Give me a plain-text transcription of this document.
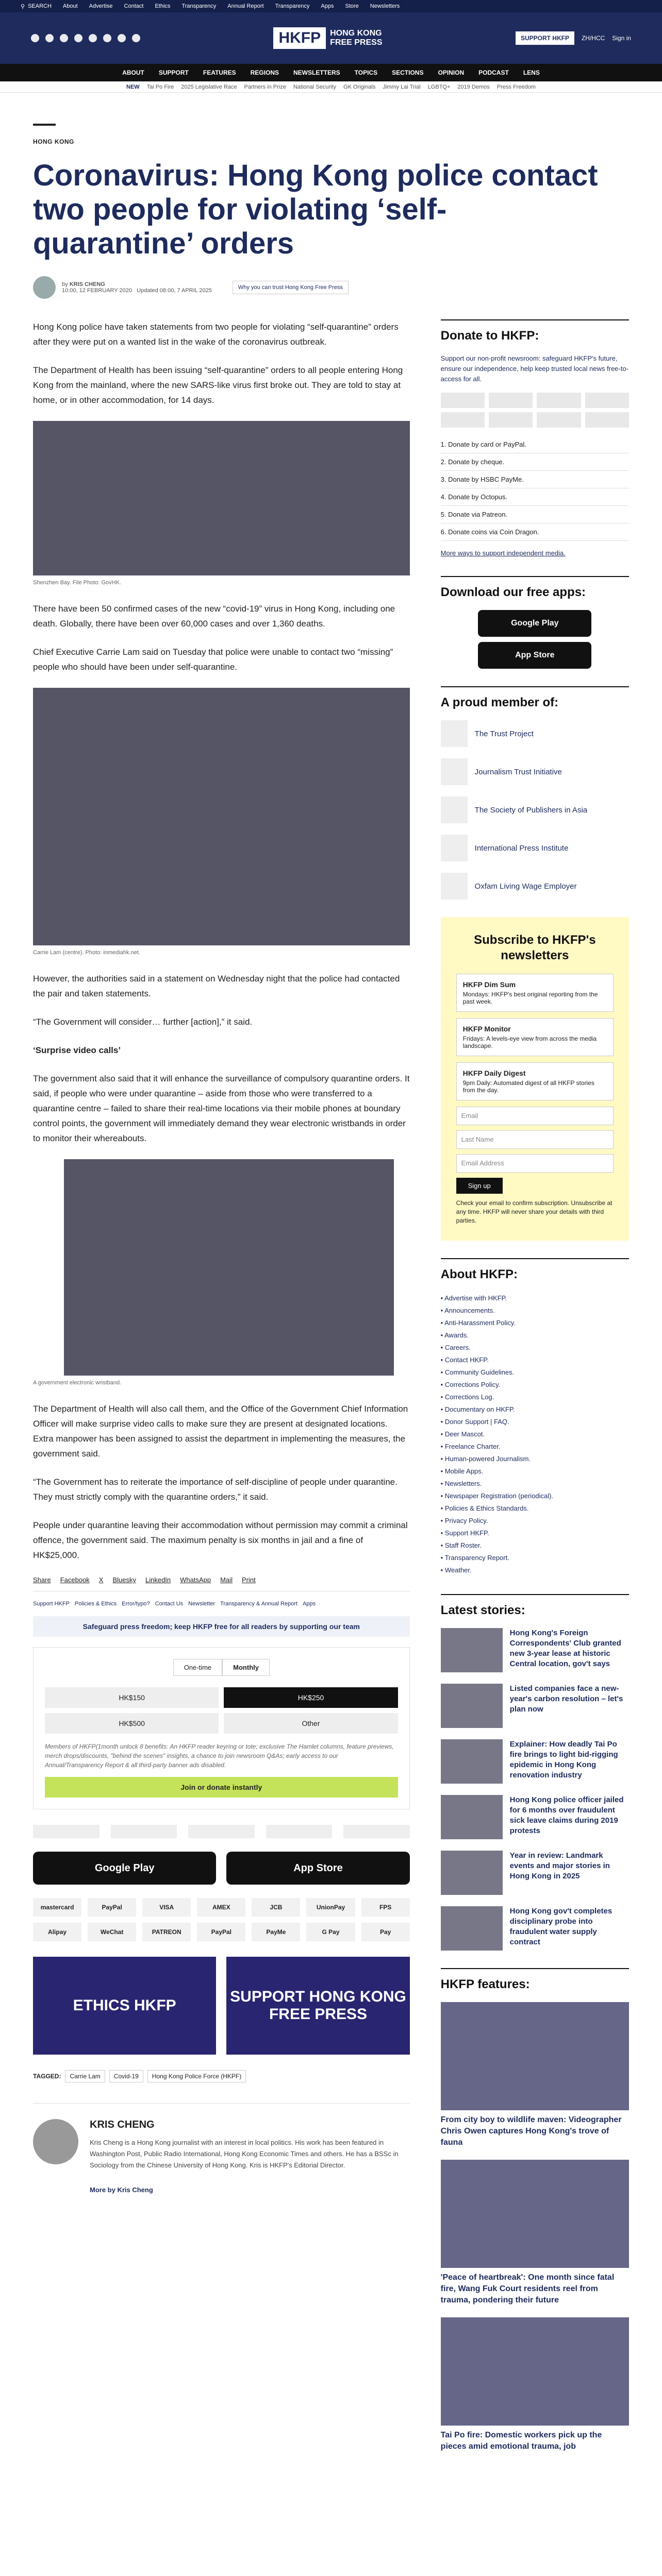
⚲ SEARCH About Advertise Contact Ethics Transparency Annual Report Transparency Apps Store Newsletters
HKFP	HONG KONG
FREE PRESS	SUPPORT HKFP	ZH/HCC Sign in
ABOUT SUPPORT FEATURES REGIONS NEWSLETTERS TOPICS SECTIONS OPINION PODCAST LENS
NEW Tai Po Fire 2025 Legislative Race Partners in Prize National Security GK Originals Jimmy Lai Trial LGBTQ+ 2019 Demos Press Freedom
HONG KONG
Coronavirus: Hong Kong police contact two people for violating ‘self-quarantine’ orders
by KRIS CHENG
10:00, 12 FEBRUARY 2020 Updated 08:00, 7 APRIL 2025	Why you can trust Hong Kong Free Press

Hong Kong police have taken statements from two people for violating “self-quarantine” orders after they were put on a wanted list in the wake of the coronavirus outbreak.

The Department of Health has been issuing “self-quarantine” orders to all people entering Hong Kong from the mainland, where the new SARS-like virus first broke out. They are told to stay at home, or in other accommodation, for 14 days.

Shenzhen Bay. File Photo: GovHK.

There have been 50 confirmed cases of the new “covid-19” virus in Hong Kong, including one death. Globally, there have been over 60,000 cases and over 1,360 deaths.

Chief Executive Carrie Lam said on Tuesday that police were unable to contact two “missing” people who should have been under self-quarantine.

Carrie Lam (centre). Photo: inmediahk.net.

However, the authorities said in a statement on Wednesday night that the police had contacted the pair and taken statements.

“The Government will consider… further [action],” it said.

‘Surprise video calls’

The government also said that it will enhance the surveillance of compulsory quarantine orders. It said, if people who were under quarantine – aside from those who were transferred to a quarantine centre – failed to share their real-time locations via their mobile phones at boundary control points, the government will immediately demand they wear electronic wristbands in order to monitor their whereabouts.

A government electronic wristband.

The Department of Health will also call them, and the Office of the Government Chief Information Officer will make surprise video calls to make sure they are present at designated locations. Extra manpower has been assigned to assist the department in implementing the measures, the government said.

“The Government has to reiterate the importance of self-discipline of people under quarantine. They must strictly comply with the quarantine orders,” it said.

People under quarantine leaving their accommodation without permission may commit a criminal offence, the government said. The maximum penalty is six months in jail and a fine of HK$25,000.

Share Facebook X Bluesky LinkedIn WhatsApp Mail Print
Support HKFP Policies & Ethics Error/typo? Contact Us Newsletter Transparency & Annual Report Apps
Safeguard press freedom; keep HKFP free for all readers by supporting our team
One-time	Monthly
HK$150	HK$250
HK$500	Other
Members of HKFP(1month unlock 8 benefits: An HKFP reader keyring or tote; exclusive The Hamlet columns, feature previews, merch drops/discounts, "behind the scenes" insights, a chance to join newsroom Q&As; early access to our Annual/Transparency Report & all third-party banner ads disabled.
Join or donate instantly
Google Play	App Store
mastercard	PayPal	VISA	AMEX	JCB	UnionPay	FPS
Alipay	WeChat	PATREON	PayPal	PayMe	G Pay	Pay
ETHICS HKFP
SUPPORT HONG KONG FREE PRESS
TAGGED:	Carrie Lam	Covid-19	Hong Kong Police Force (HKPF)
KRIS CHENG

Kris Cheng is a Hong Kong journalist with an interest in local politics. His work has been featured in Washington Post, Public Radio International, Hong Kong Economic Times and others. He has a BSSc in Sociology from the Chinese University of Hong Kong. Kris is HKFP's Editorial Director.

More by Kris Cheng

Donate to HKFP:
Support our non-profit newsroom: safeguard HKFP's future, ensure our independence, help keep trusted local news free-to-access for all.
1. Donate by card or PayPal.
2. Donate by cheque.
3. Donate by HSBC PayMe.
4. Donate by Octopus.
5. Donate via Patreon.
6. Donate coins via Coin Dragon.
More ways to support independent media.
Download our free apps:
Google Play
App Store
A proud member of:
The Trust Project
Journalism Trust Initiative
The Society of Publishers in Asia
International Press Institute
Oxfam Living Wage Employer
Subscribe to HKFP's newsletters
HKFP Dim Sum
Mondays: HKFP's best original reporting from the past week.
HKFP Monitor
Fridays: A levels-eye view from across the media landscape.
HKFP Daily Digest
9pm Daily: Automated digest of all HKFP stories from the day.
Email
Last Name
Email Address
Sign up
Check your email to confirm subscription. Unsubscribe at any time. HKFP will never share your details with third parties.
About HKFP:
• Advertise with HKFP.
• Announcements.
• Anti-Harassment Policy.
• Awards.
• Careers.
• Contact HKFP.
• Community Guidelines.
• Corrections Policy.
• Corrections Log.
• Documentary on HKFP.
• Donor Support | FAQ.
• Deer Mascot.
• Freelance Charter.
• Human-powered Journalism.
• Mobile Apps.
• Newsletters.
• Newspaper Registration (periodical).
• Policies & Ethics Standards.
• Privacy Policy.
• Support HKFP.
• Staff Roster.
• Transparency Report.
• Weather.
Latest stories:
Hong Kong's Foreign Correspondents' Club granted new 3-year lease at historic Central location, gov't says
Listed companies face a new-year's carbon resolution – let's plan now
Explainer: How deadly Tai Po fire brings to light bid-rigging epidemic in Hong Kong renovation industry
Hong Kong police officer jailed for 6 months over fraudulent sick leave claims during 2019 protests
Year in review: Landmark events and major stories in Hong Kong in 2025
Hong Kong gov't completes disciplinary probe into fraudulent water supply contract
HKFP features:
From city boy to wildlife maven: Videographer Chris Owen captures Hong Kong's trove of fauna
'Peace of heartbreak': One month since fatal fire, Wang Fuk Court residents reel from trauma, pondering their future
Tai Po fire: Domestic workers pick up the pieces amid emotional trauma, job
